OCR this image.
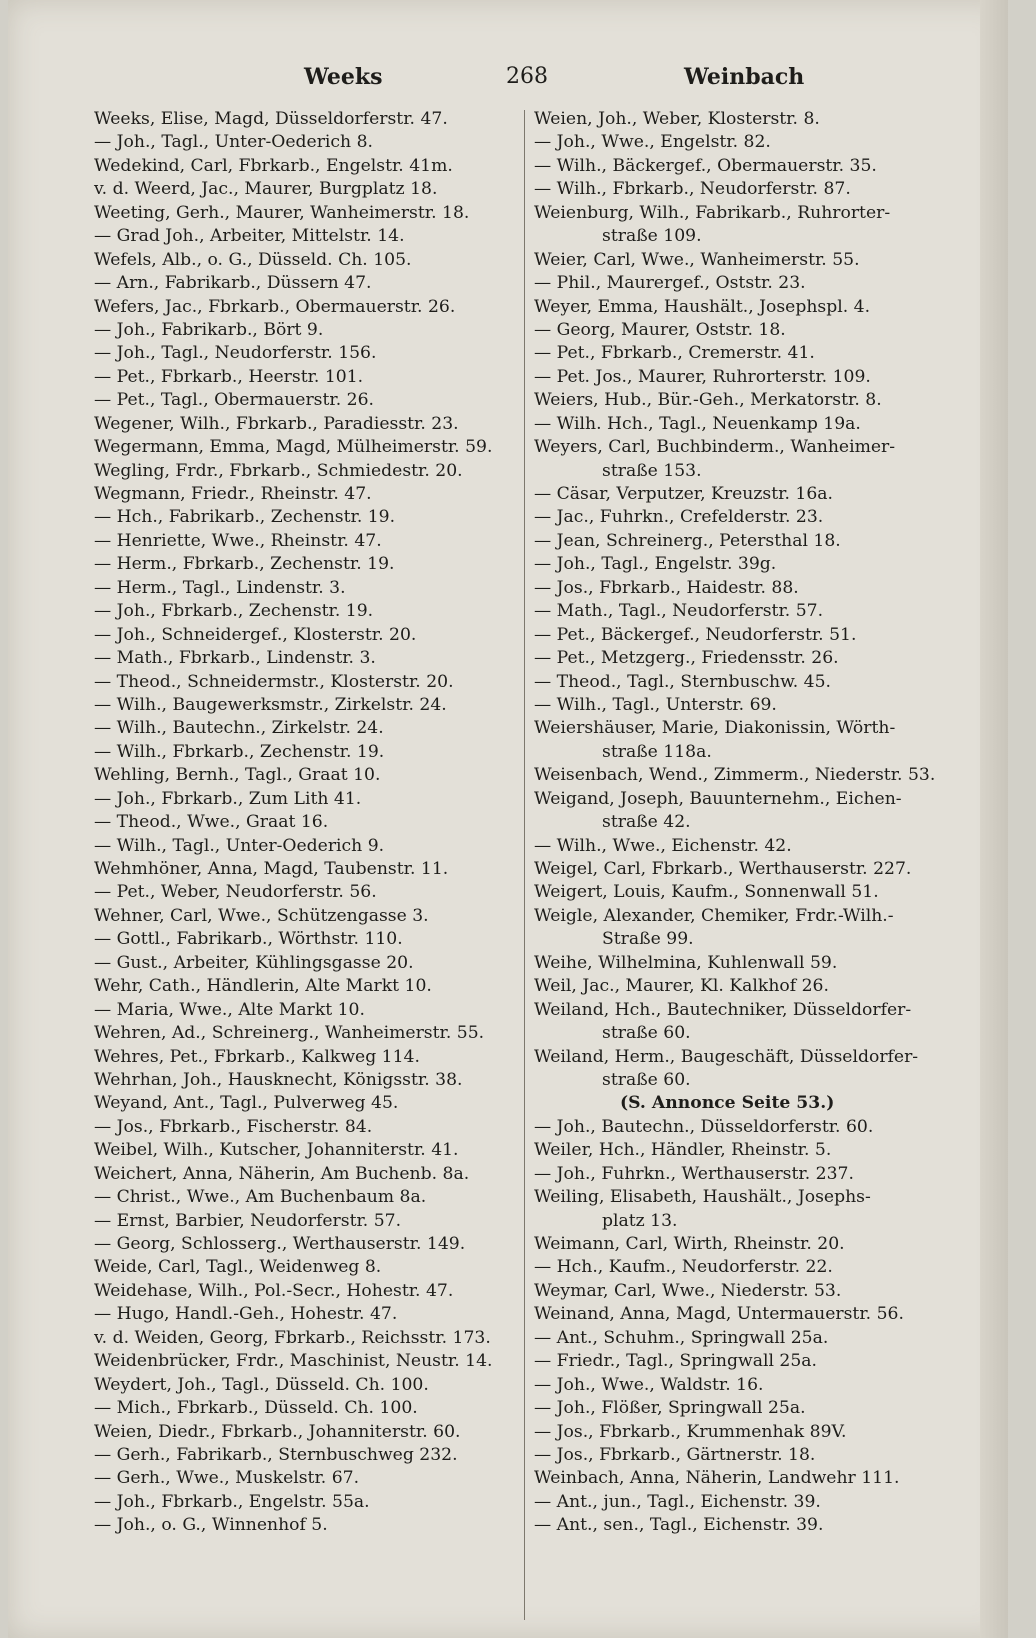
Weeks	268	Weinbach
Weeks, Elise, Magd, Düsseldorferstr. 47.
— Joh., Tagl., Unter-Oederich 8.
Wedekind, Carl, Fbrkarb., Engelstr. 41m.
v. d. Weerd, Jac., Maurer, Burgplatz 18.
Weeting, Gerh., Maurer, Wanheimerstr. 18.
— Grad Joh., Arbeiter, Mittelstr. 14.
Wefels, Alb., o. G., Düsseld. Ch. 105.
— Arn., Fabrikarb., Düssern 47.
Wefers, Jac., Fbrkarb., Obermauerstr. 26.
— Joh., Fabrikarb., Bört 9.
— Joh., Tagl., Neudorferstr. 156.
— Pet., Fbrkarb., Heerstr. 101.
— Pet., Tagl., Obermauerstr. 26.
Wegener, Wilh., Fbrkarb., Paradiesstr. 23.
Wegermann, Emma, Magd, Mülheimerstr. 59.
Wegling, Frdr., Fbrkarb., Schmiedestr. 20.
Wegmann, Friedr., Rheinstr. 47.
— Hch., Fabrikarb., Zechenstr. 19.
— Henriette, Wwe., Rheinstr. 47.
— Herm., Fbrkarb., Zechenstr. 19.
— Herm., Tagl., Lindenstr. 3.
— Joh., Fbrkarb., Zechenstr. 19.
— Joh., Schneidergef., Klosterstr. 20.
— Math., Fbrkarb., Lindenstr. 3.
— Theod., Schneidermstr., Klosterstr. 20.
— Wilh., Baugewerksmstr., Zirkelstr. 24.
— Wilh., Bautechn., Zirkelstr. 24.
— Wilh., Fbrkarb., Zechenstr. 19.
Wehling, Bernh., Tagl., Graat 10.
— Joh., Fbrkarb., Zum Lith 41.
— Theod., Wwe., Graat 16.
— Wilh., Tagl., Unter-Oederich 9.
Wehmhöner, Anna, Magd, Taubenstr. 11.
— Pet., Weber, Neudorferstr. 56.
Wehner, Carl, Wwe., Schützengasse 3.
— Gottl., Fabrikarb., Wörthstr. 110.
— Gust., Arbeiter, Kühlingsgasse 20.
Wehr, Cath., Händlerin, Alte Markt 10.
— Maria, Wwe., Alte Markt 10.
Wehren, Ad., Schreinerg., Wanheimerstr. 55.
Wehres, Pet., Fbrkarb., Kalkweg 114.
Wehrhan, Joh., Hausknecht, Königsstr. 38.
Weyand, Ant., Tagl., Pulverweg 45.
— Jos., Fbrkarb., Fischerstr. 84.
Weibel, Wilh., Kutscher, Johanniterstr. 41.
Weichert, Anna, Näherin, Am Buchenb. 8a.
— Christ., Wwe., Am Buchenbaum 8a.
— Ernst, Barbier, Neudorferstr. 57.
— Georg, Schlosserg., Werthauserstr. 149.
Weide, Carl, Tagl., Weidenweg 8.
Weidehase, Wilh., Pol.-Secr., Hohestr. 47.
— Hugo, Handl.-Geh., Hohestr. 47.
v. d. Weiden, Georg, Fbrkarb., Reichsstr. 173.
Weidenbrücker, Frdr., Maschinist, Neustr. 14.
Weydert, Joh., Tagl., Düsseld. Ch. 100.
— Mich., Fbrkarb., Düsseld. Ch. 100.
Weien, Diedr., Fbrkarb., Johanniterstr. 60.
— Gerh., Fabrikarb., Sternbuschweg 232.
— Gerh., Wwe., Muskelstr. 67.
— Joh., Fbrkarb., Engelstr. 55a.
— Joh., o. G., Winnenhof 5.
Weien, Joh., Weber, Klosterstr. 8.
— Joh., Wwe., Engelstr. 82.
— Wilh., Bäckergef., Obermauerstr. 35.
— Wilh., Fbrkarb., Neudorferstr. 87.
Weienburg, Wilh., Fabrikarb., Ruhrorter-
straße 109.
Weier, Carl, Wwe., Wanheimerstr. 55.
— Phil., Maurergef., Oststr. 23.
Weyer, Emma, Haushält., Josephspl. 4.
— Georg, Maurer, Oststr. 18.
— Pet., Fbrkarb., Cremerstr. 41.
— Pet. Jos., Maurer, Ruhrorterstr. 109.
Weiers, Hub., Bür.-Geh., Merkatorstr. 8.
— Wilh. Hch., Tagl., Neuenkamp 19a.
Weyers, Carl, Buchbinderm., Wanheimer-
straße 153.
— Cäsar, Verputzer, Kreuzstr. 16a.
— Jac., Fuhrkn., Crefelderstr. 23.
— Jean, Schreinerg., Petersthal 18.
— Joh., Tagl., Engelstr. 39g.
— Jos., Fbrkarb., Haidestr. 88.
— Math., Tagl., Neudorferstr. 57.
— Pet., Bäckergef., Neudorferstr. 51.
— Pet., Metzgerg., Friedensstr. 26.
— Theod., Tagl., Sternbuschw. 45.
— Wilh., Tagl., Unterstr. 69.
Weiershäuser, Marie, Diakonissin, Wörth-
straße 118a.
Weisenbach, Wend., Zimmerm., Niederstr. 53.
Weigand, Joseph, Bauunternehm., Eichen-
straße 42.
— Wilh., Wwe., Eichenstr. 42.
Weigel, Carl, Fbrkarb., Werthauserstr. 227.
Weigert, Louis, Kaufm., Sonnenwall 51.
Weigle, Alexander, Chemiker, Frdr.-Wilh.-
Straße 99.
Weihe, Wilhelmina, Kuhlenwall 59.
Weil, Jac., Maurer, Kl. Kalkhof 26.
Weiland, Hch., Bautechniker, Düsseldorfer-
straße 60.
Weiland, Herm., Baugeschäft, Düsseldorfer-
straße 60.
(S. Annonce Seite 53.)
— Joh., Bautechn., Düsseldorferstr. 60.
Weiler, Hch., Händler, Rheinstr. 5.
— Joh., Fuhrkn., Werthauserstr. 237.
Weiling, Elisabeth, Haushält., Josephs-
platz 13.
Weimann, Carl, Wirth, Rheinstr. 20.
— Hch., Kaufm., Neudorferstr. 22.
Weymar, Carl, Wwe., Niederstr. 53.
Weinand, Anna, Magd, Untermauerstr. 56.
— Ant., Schuhm., Springwall 25a.
— Friedr., Tagl., Springwall 25a.
— Joh., Wwe., Waldstr. 16.
— Joh., Flößer, Springwall 25a.
— Jos., Fbrkarb., Krummenhak 89V.
— Jos., Fbrkarb., Gärtnerstr. 18.
Weinbach, Anna, Näherin, Landwehr 111.
— Ant., jun., Tagl., Eichenstr. 39.
— Ant., sen., Tagl., Eichenstr. 39.
